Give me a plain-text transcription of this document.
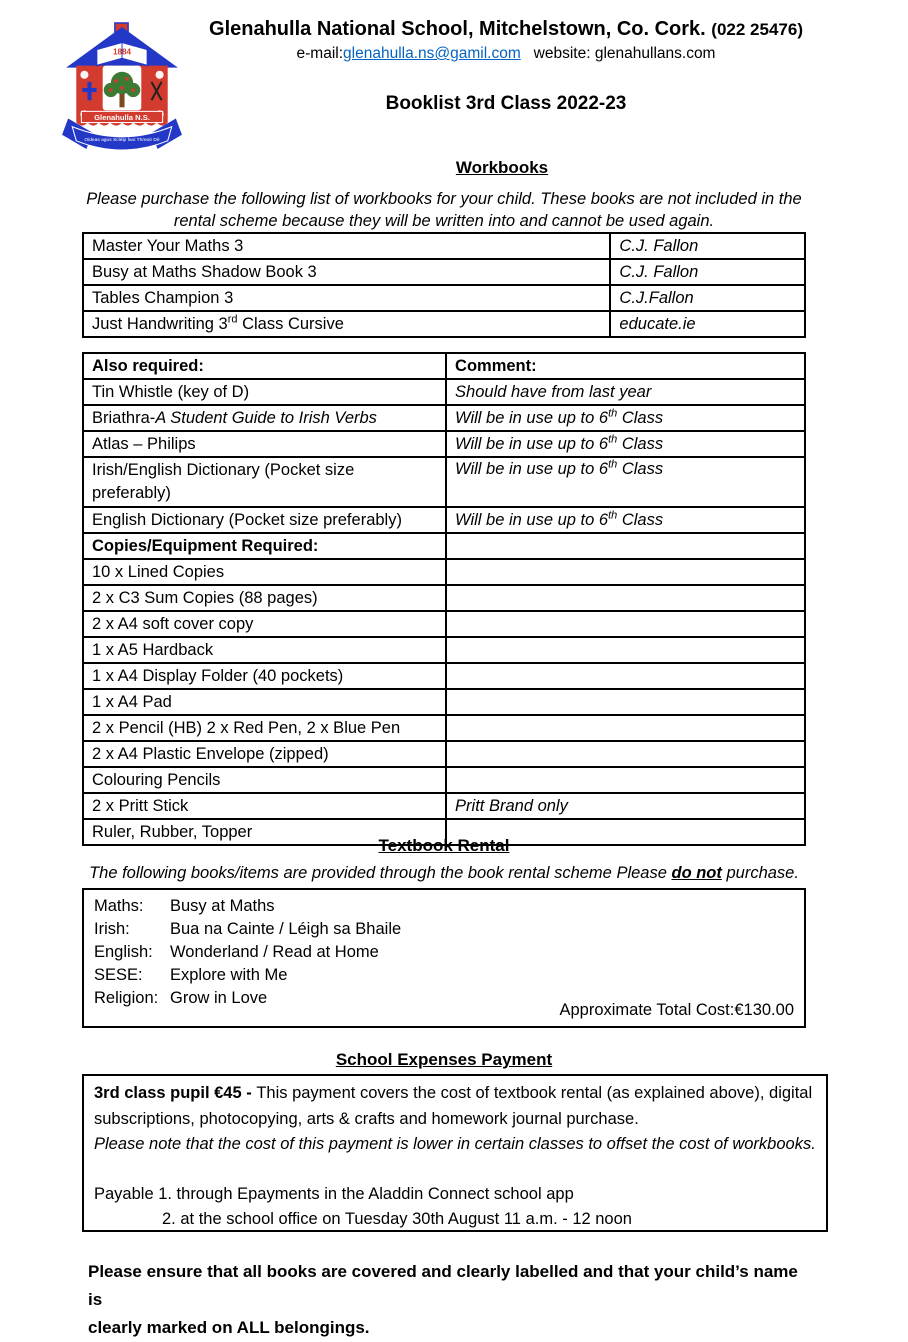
1884
Glenahulla N.S.
♬
Oideas agus Scléip faoi Threoir Dé
Glenahulla National School, Mitchelstown, Co. Cork. (022 25476)
e-mail:glenahulla.ns@gamil.com website: glenahullans.com
Booklist 3rd Class 2022-23
Workbooks
Please purchase the following list of workbooks for your child. These books are not included in the
rental scheme because they will be written into and cannot be used again.
Master Your Maths 3	C.J. Fallon
Busy at Maths Shadow Book 3	C.J. Fallon
Tables Champion 3	C.J.Fallon
Just Handwriting 3rd Class Cursive	educate.ie
Also required:	Comment:
Tin Whistle (key of D)	Should have from last year
Briathra-A Student Guide to Irish Verbs	Will be in use up to 6th Class
Atlas – Philips	Will be in use up to 6th Class
Irish/English Dictionary (Pocket size preferably)	Will be in use up to 6th Class
English Dictionary (Pocket size preferably)	Will be in use up to 6th Class
Copies/Equipment Required:	
10 x Lined Copies	
2 x C3 Sum Copies (88 pages)	
2 x A4 soft cover copy	
1 x A5 Hardback	
1 x A4 Display Folder (40 pockets)	
1 x A4 Pad	
2 x Pencil (HB) 2 x Red Pen, 2 x Blue Pen	
2 x A4 Plastic Envelope (zipped)	
Colouring Pencils	
2 x Pritt Stick	Pritt Brand only
Ruler, Rubber, Topper	
Textbook Rental
The following books/items are provided through the book rental scheme Please do not purchase.
Maths: Busy at Maths
Irish: Bua na Cainte / Léigh sa Bhaile
English: Wonderland / Read at Home
SESE: Explore with Me
Religion: Grow in Love
Approximate Total Cost:€130.00
School Expenses Payment
3rd class pupil €45 - This payment covers the cost of textbook rental (as explained above), digital subscriptions, photocopying, arts & crafts and homework journal purchase.
Please note that the cost of this payment is lower in certain classes to offset the cost of workbooks.
Payable 1. through Epayments in the Aladdin Connect school app
2. at the school office on Tuesday 30th August 11 a.m. - 12 noon
Please ensure that all books are covered and clearly labelled and that your child’s name is
clearly marked on ALL belongings.
